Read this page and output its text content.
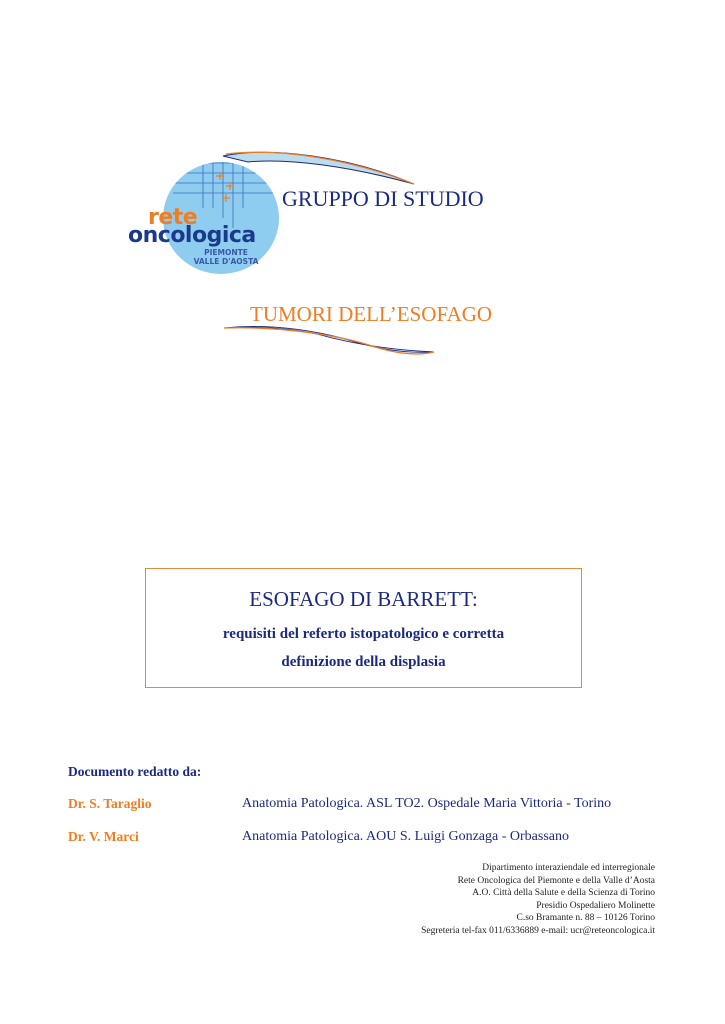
rete
oncologica
PIEMONTE
VALLE D'AOSTA
GRUPPO DI STUDIO
TUMORI DELL’ESOFAGO
ESOFAGO DI BARRETT:
requisiti del referto istopatologico e corretta
definizione della displasia
Documento redatto da:
Dr. S. Taraglio	Anatomia Patologica. ASL TO2. Ospedale Maria Vittoria - Torino
Dr. V. Marci	Anatomia Patologica. AOU S. Luigi Gonzaga - Orbassano
Dipartimento interaziendale ed interregionale
Rete Oncologica del Piemonte e della Valle d’Aosta
A.O. Città della Salute e della Scienza di Torino
Presidio Ospedaliero Molinette
C.so Bramante n. 88 – 10126 Torino
Segreteria tel-fax 011/6336889 e-mail: ucr@reteoncologica.it
